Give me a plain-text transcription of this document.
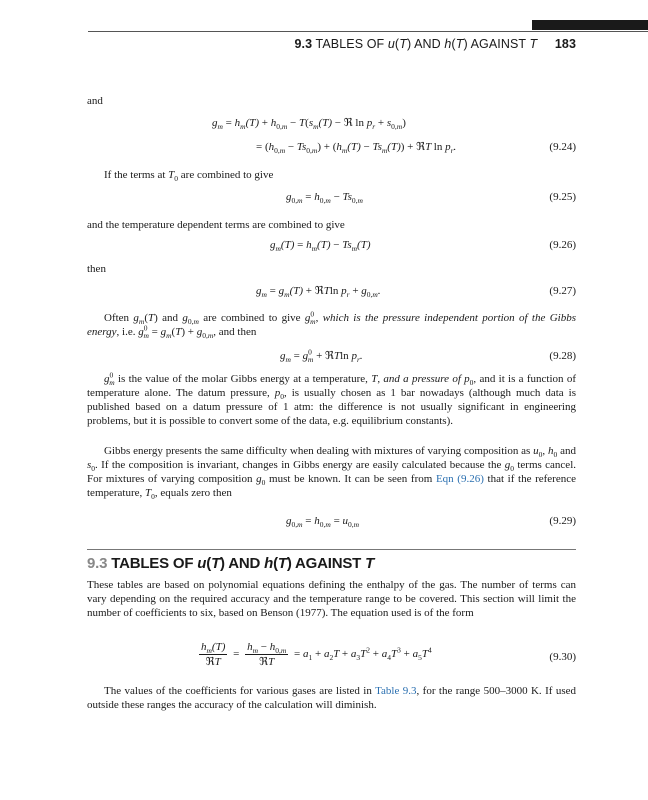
9.3 TABLES OF u(T) AND h(T) AGAINST T 183
and
$g_m = h_m(T) + h_{0,m} - T(s_m(T)$ − ℜ $\ln p_r + s_{0,m}$)
= $(h_{0,m} - Ts_{0,m}) + (h_m(T) - Ts_m(T))$ + ℜT $\ln p_r$.	(9.24)
If the terms at $T_0$ are combined to give
$g_{0,m} = h_{0,m} - Ts_{0,m}$	(9.25)
and the temperature dependent terms are combined to give
$g_m(T) = h_m(T) - Ts_m(T)$	(9.26)
then
$g_m = g_m(T)$ + ℜTln $p_r + g_{0,m}$.	(9.27)
Often $g_m(T)$ and $g_{0,m}$ are combined to give $g^0_m$, which is the pressure independent portion of the Gibbs energy, i.e. $g^0_m = g_m(T) + g_{0,m}$, and then
$g_m = g^0_m$ + ℜTln $p_r$.	(9.28)
$g^0_m$ is the value of the molar Gibbs energy at a temperature, T, and a pressure of $p_0$, and it is a function of temperature alone. The datum pressure, $p_0$, is usually chosen as 1 bar nowadays (although much data is published based on a datum pressure of 1 atm: the difference is not usually significant in engineering problems, but it is possible to convert some of the data, e.g. equilibrium constants).
Gibbs energy presents the same difficulty when dealing with mixtures of varying composition as $u_0$, $h_0$ and $s_0$. If the composition is invariant, changes in Gibbs energy are easily calculated because the $g_0$ terms cancel. For mixtures of varying composition $g_0$ must be known. It can be seen from Eqn (9.26) that if the reference temperature, $T_0$, equals zero then
$g_{0,m} = h_{0,m} = u_{0,m}$	(9.29)
9.3 TABLES OF u(T) AND h(T) AGAINST T
These tables are based on polynomial equations defining the enthalpy of the gas. The number of terms can vary depending on the required accuracy and the temperature range to be covered. This section will limit the number of coefficients to six, based on Benson (1977). The equation used is of the form
$\frac{h_m(T)}{\text{ℜT}} = \frac{h_m - h_{0,m}}{\text{ℜT}} = a_1 + a_2T + a_3T^2 + a_4T^3 + a_5T^4$
(9.30)
The values of the coefficients for various gases are listed in Table 9.3, for the range 500–3000 K. If used outside these ranges the accuracy of the calculation will diminish.
